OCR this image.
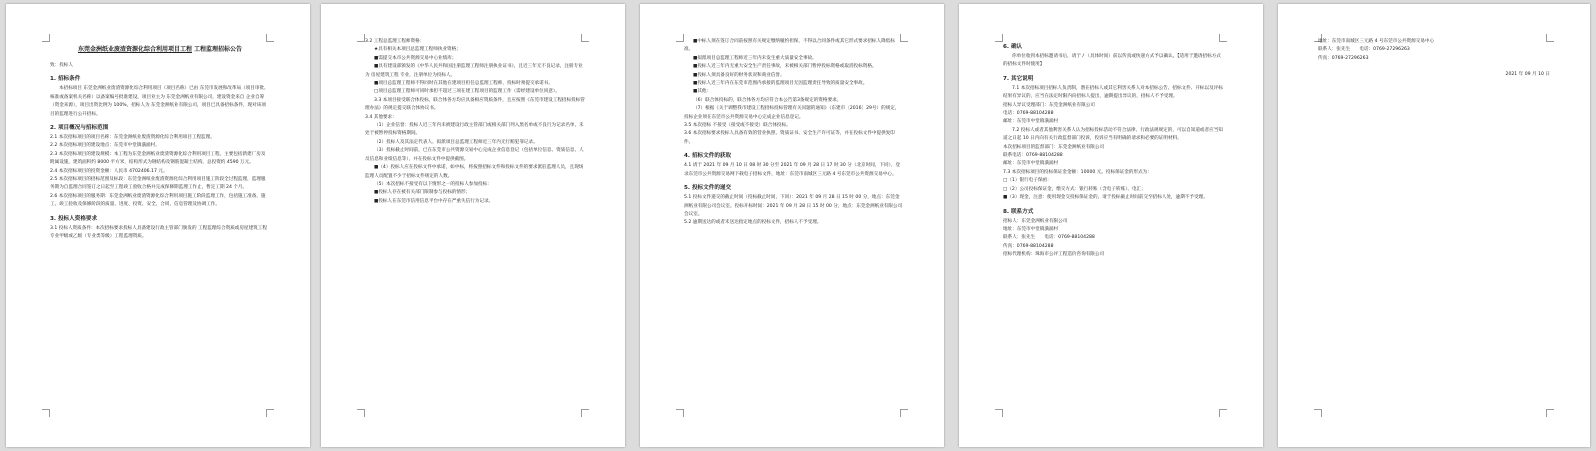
东莞金洲纸业废渣资源化综合利用项目工程 工程监理招标公告
致：投标人
1. 招标条件
本招标项目 东莞金洲纸业废渣资源化综合利用项目（项目名称）已由 东莞市发展和改革局（项目审批、核准或备案机关名称）以备案编号批准建设，项目业主为 东莞金洲纸业有限公司，建设资金来自 企业自筹（资金来源），项目出资比例为 100%，招标人为 东莞金洲纸业有限公司，项目已具备招标条件，现对该项目的监理进行公开招标。
2. 项目概况与招标范围
2.1 本次招标项目的项目名称：东莞金洲纸业废渣资源化综合利用项目工程监理。
2.2 本次招标项目的建设地点：东莞市中堂镇潢涌村。
2.3 本次招标项目的建设规模：本工程为东莞金洲纸业废渣资源化综合利用项目工程，主要包括新建厂房及附属设施，建筑面积约 8000 平方米，结构形式为钢结构及钢筋混凝土结构，总投资约 4590 万元。
2.4 本次招标项目的投资金额：人民币 4702406.17 元。
2.5 本次招标项目的招标范围及标段：东莞金洲纸业废渣资源化综合利用项目施工阶段全过程监理，监理服务期为自监理合同签订之日起至工程竣工验收合格并完成保修期监理工作止，暂定工期 24 个月。
2.6 本次招标项目的服务期：东莞金洲纸业废渣资源化综合利用项目施工阶段监理工作，包括施工准备、施工、竣工验收及保修阶段的质量、进度、投资、安全、合同、信息管理及协调工作。
3. 投标人资格要求
3.1 投标人资质条件：本次招标要求投标人具备建设行政主管部门颁发的 工程监理综合资质或房屋建筑工程专业甲级或乙级（专业类等级）工程监理资质。
3.2 工程总监理工程师资格：
★具有相关本项目总监理工程师执业资格；
■需提交本市公共资源交易中心业绩库；
■具有建设部颁发的《中华人民共和国注册监理工程师注册执业证书》，且近三年无不良记录，注册专业为 房屋建筑工程 专业，注册单位为投标人。
■项目总监理工程师不得同时在其他在建项目担任总监理工程师，投标时须提交承诺书。
□项目总监理工程师可同时承担不超过三项在建工程项目的监理工作（需经建设单位同意）。
3.3 本项目接受联合体投标，联合体各方均应具备相应资质条件，且应按照《东莞市建设工程招标投标管理办法》的规定提交联合体协议书。
3.4 其他要求：
（1）企业信誉：投标人近三年内未被建设行政主管部门或相关部门列入黑名单或不良行为记录名单，未处于被暂停投标资格期间。
（2）投标人及其法定代表人、拟派项目总监理工程师近三年内无行贿犯罪记录。
（3）投标截止时间前，已在东莞市公共资源交易中心完成企业信息登记（包括单位信息、资质信息、人员信息和业绩信息等），并在投标文件中提供截图。
■（4）投标人应在投标文件中承诺，如中标，将按照招标文件和投标文件的要求派驻监理人员，且现场监理人员配置不少于招标文件规定的人数。
（5）本次招标不接受有以下情形之一的投标人参加投标：
■投标人存在被有关部门限制参与投标的情形；
■投标人在东莞市信用信息平台中存在严重失信行为记录。
■中标人须在签订合同前按照有关规定缴纳履约担保，不得以合同条件或其它形式要求招标人降低标准。
■拟派项目总监理工程师近三年内未发生重大质量安全事故。
■投标人近三年内无重大安全生产责任事故，未被相关部门暂停投标资格或取消投标资格。
■投标人须具备良好的财务状况和商业信誉。
■投标人近三年内在东莞市范围内承接的监理项目无因监理责任导致的质量安全事故。
■其他：
（6）联合体投标的，联合体各方均应符合本公告第3条规定的资格要求。
（7）根据《关于调整我市建设工程招标投标管理有关问题的通知》（东建市〔2016〕29号）的规定，投标企业须在东莞市公共资源交易中心完成企业信息登记。
3.5 本次招标 不接受（接受或不接受）联合体投标。
3.6 本次招标要求投标人具备有效的营业执照、资质证书、安全生产许可证等，并在投标文件中提供复印件。
4. 招标文件的获取
4.1 请于 2021 年 09 月 10 日 08 时 30 分至 2021 年 09 月 28 日 17 时 30 分（北京时间，下同），登录东莞市公共资源交易网下载电子招标文件，地址：东莞市南城区三元路 4 号东莞市公共资源交易中心。
5. 投标文件的递交
5.1 投标文件递交的截止时间（投标截止时间，下同）：2021 年 09 月 28 日 15 时 00 分，地点：东莞金洲纸业有限公司会议室。投标开标时间：2021 年 09 月 28 日 15 时 00 分，地点：东莞金洲纸业有限公司会议室。
5.2 逾期送达的或者未送达指定地点的投标文件，招标人不予受理。
6. 确认
你单位收到本招标邀请书后，请于 / （具体时间）前以传真或快递方式予以确认。【适用于邀请招标方式的招标文件时使用】
7. 其它说明
7.1 本次招标项目招标人负责制，潜在招标人或其它利害关系人对本招标公告、招标文件、开标以及评标结果有异议的，应当在法定时限内向招标人提出，逾期提出异议的，招标人不予受理。
招标人异议受理部门：东莞金洲纸业有限公司
电话：0769-88104288
邮址：东莞市中堂镇潢涌村
7.2 投标人或者其他利害关系人认为招标投标活动不符合法律、行政法规规定的，可以自知道或者应当知道之日起 10 日内向有关行政监督部门投诉，投诉应当有明确的请求和必要的证明材料。
本次招标项目的监督部门：东莞金洲纸业有限公司
联系电话：0769-88104288
邮址：东莞市中堂镇潢涌村
7.3 本次招标项目的投标保证金金额：10000 元。投标保证金的形式为：
□（1）银行电子保函：
□（2）公司投标保证金，缴交方式：银行转账（含电子转账）、电汇；
■（3）现金，注意：使用现金交投标保证金的，请于投标截止时间前交至招标人处，逾期不予受理。
8. 联系方式
招标人：东莞金洲纸业有限公司
地址：东莞市中堂镇潢涌村
联系人：张先生　　电话：0769-88104288
传真：0769-88104288
招标代理机构：珠海市公评工程造价咨询有限公司
地址：东莞市南城区三元路 4 号东莞市公共资源交易中心
联系人：张先生　　电话：0769-27296263
传真：0769-27296263
2021 年 09 月 10 日
